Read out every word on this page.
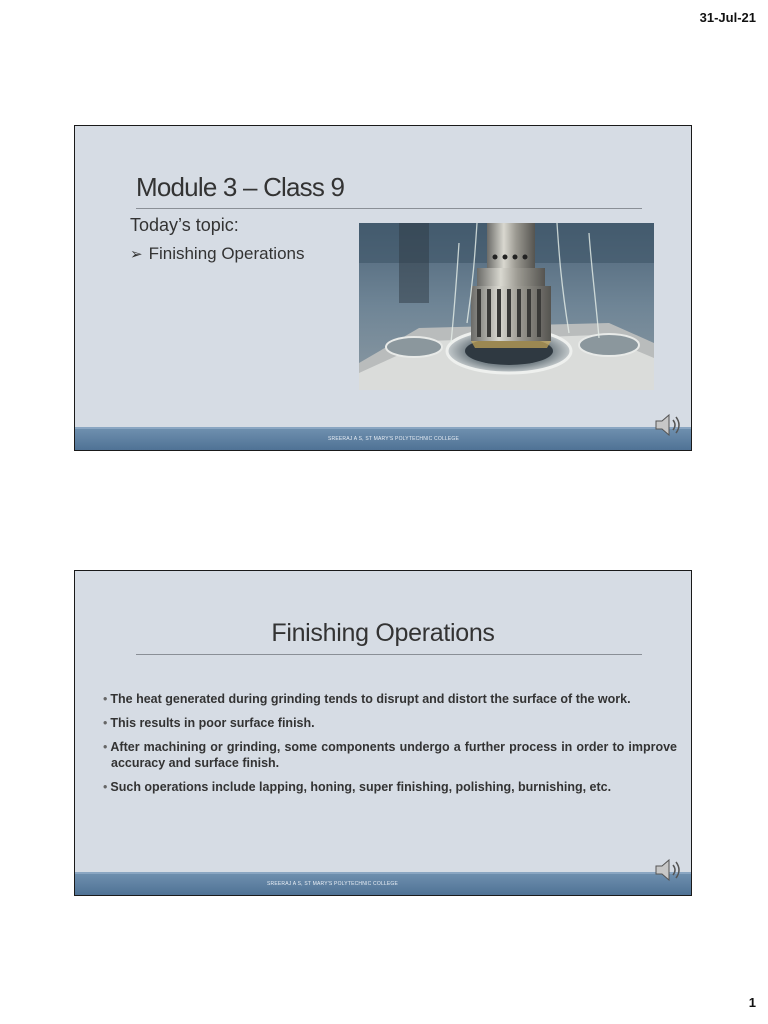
31-Jul-21
Module 3 – Class 9
Today’s topic:
➢ Finishing Operations
SREERAJ A S, ST MARY'S POLYTECHNIC COLLEGE
Finishing Operations
• The heat generated during grinding tends to disrupt and distort the surface of the work.
• This results in poor surface finish.
• After machining or grinding, some components undergo a further process in order to improve accuracy and surface finish.
• Such operations include lapping, honing, super finishing, polishing, burnishing, etc.
SREERAJ A S, ST MARY'S POLYTECHNIC COLLEGE
1
